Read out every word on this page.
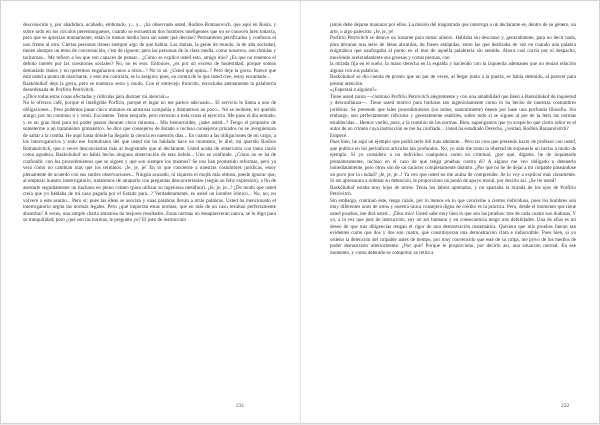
desconocido y, por añadidura, acabado, embotado, y... y... ¿ha observado usted, Rodion Romanovich, que aquí en Rusia, y sobre todo en los círculos petersburgueses, cuando se encuentran dos hombres inteligentes que no se conocen bien todavía, pero que se aprecian mutuamente, están lo menos media hora sin saber qué decirse? Permanecen petrificados y confusos el uno frente al otro. Ciertas personas tienen siempre algo de que hablar. Las damas, la gente de mundo, la de alta sociedad, tienen siempre un tema de conversación, c'est de rigueur; pero las personas de la clase media, como nosotros, son tímidas y taciturnas... Me refiero a los que son capaces de pensar... ¿Cómo se explica usted esto, amigo mío? ¿Es que no tenemos el debido interés por las cuestiones sociales? No, no es esto. Entonces, ¿es por un exceso de honestidad, porque somos demasiado leales y no queremos engañarnos unos a otros...? No lo sé. ¿Usted qué opina...? Pero deje la gorra. Parece que está usted a punto de marcharse, y esto me contraría, se lo aseguro; pues, en contra de lo que usted cree, estoy encantado...

Raskólnikof dejó la gorra, pero se mantuvo serio y mudo. Con el entrecejo fruncido, escuchaba atentamente la palabrería desordenada de Porfirio Petróvitch.

«¡Dice todas estas cosas afectadas y ridículas para distraer mi atención.»

No le ofrezco café, porque el inteligible Porfirio, porque el lugar no me parece adecuado... El servicio le llama a uno de obligaciones... Pero podemos pasar cinco minutos en amistosa compañía y distraernos un poco... No se moleste, mi querido amigo, por mi continuo ir y venir. Excúseme. Temo enojarle, pero necesito a toda costa el ejercicio. Me paso el día sentado, y es un gran bien para mí poder pasear durante cinco minutos... Mis hemorroides, ¿sabe usted...? Tengo el propósito de someterme a un tratamiento gimnástico. Se dice que consejeros de Estado e incluso consejeros privados no se avergüenzan de saltar a la comba. He aquí hasta dónde ha llegado la ciencia en nuestros días... En cuanto a las obligaciones de mi cargo, a los interrogatorios y todo ese formulismo del que usted me ha hablado hace un momento, le diré, mi querido Rodion Romanóvitch, que a veces desconciertan más al magistrado que al declarante. Usted acaba de observarlo con tanta razón como agudeza. Raskolnikof no había hecho ninguna observación de esta índole... Uno se confunde. ¿Cómo no se ha de confundir, con los procedimientos que se siguen y que son siempre los mismos? Se nos han prometido reformas, pero ya verá como no cambian más que los términos. ¡Je, je, je! En lo que concierne a nuestras costumbres jurídicas, estoy plenamente de acuerdo con sus sutiles observaciones... Ningún acusado, ni siquiera el mujik más obtuso, puede ignorar que, al empezar nuestro interrogatorio, trataremos de atraparlo con preguntas desconcertantes (según su feliz expresión), a fin de asestarle seguidamente un hachazo en pleno cráneo (para utilizar su ingeniosa metáfora). ¡Je, je, je...! ¿De modo que usted creía que yo hablaba de mi casa pagada por el Estado para...? Verdaderamente, es usted un hombre irónico... No, no; no volveré a este asunto... Pero sí; pues las ideas se asocian y unas palabras llevan a otras palabras. Usted ha mencionado el interrogatorio según las normas legales. Pero ¿qué importan estas normas, que en más de un caso resultan perfectamente absurdas? A veces, una simple charla amistosa da mejores resultados. Estas normas no desaparecerán nunca, se lo digo para su tranquilidad; pero ¿qué son las normas, le pregunto yo? El juez de instrucción

231

jamás debe dejarse maniatar por ellas. La misión del magistrado que interroga a un declarante es, dentro de su género, un arte, o algo parecido. ¡Je, je, je!

Porfirio Petróvitch se detuvo un instante para tomar aliento. Hablaba sin descanso y, generalmente, para no decir nada, para devanar una serie de ideas absurdas, de frases estúpidas, entre las que deslizaba de vez en cuando una palabra enigmática que naufragaba al punto en el mar de aquella palabrería sin sentido. Ahora casi corría por el despacho, moviendo aceleradamente sus gruesas y cortas piernas, con

la mirada fija en el suelo, la mano derecha en la espalda y haciendo con la izquierda ademanes que no tenían relación alguna con sus palabras.

Raskólnikof se dio cuenta de pronto que un par de veces, al llegar junto a la puerta, se había detenido, al parecer para prestar atención.

«¿Esperará a alguien?»

Tiene usted razón —continuó Porfirio Petróvitch alegremente y con una amabilidad que llenó a Raskólnikof de inquietud y desconfianza—. Tiene usted motivo para burlarse tan ingeniosamente como lo ha hecho de nuestras costumbres jurídicas. Se pretende que tales procedimientos (no todos, naturalmente) tienen por base una profunda filosofía. Sin embargo, son perfectamente ridículos y generalmente estériles, sobre todo si se siguen al pie de la letra las normas establecidas... Hemos vuelto, pues, a la cuestión de las normas. Bien, supongamos que yo sospecho que cierto señor es el autor de un crimen cuya instrucción se me ha confiado... Usted ha estudiado Derecho, ¿verdad, Rodion Romanóvitch?

Empecé.

Pues bien, he aquí un ejemplo que podrá serle útil más adelante... Pero no crea que pretendo hacer de profesor con usted, que publica en los periódicos artículos tan profundos. No; yo sólo me tomo la libertad de exponerle un hecho a modo de ejemplo. Si yo considero a un individuo cualquiera como un criminal, ¿por qué, dígame, he de inquietarle prematuramente, incluso en el caso de que tenga pruebas contra él? A alguno me veo obligado a detenerlo inmediatamente, pero otros son de un carácter completamente distinto. ¿Por qué no he de dejar a mi culpable paseándose un poco por la ciudad? ¡Je, je, je...! Ya veo que usted no me acaba de comprender. Se lo voy a explicar más claramente. Si me apresurara a ordenar su detención, le proporciono un punto de apoyo moral, por decirlo así. ¿Se ríe usted?

Raskólnikof estaba muy lejos de reírse. Tenía los labios apretados, y no apartaba la mirada de los ojos de Porfirio Petróvitch.

Sin embargo, continuó éste, tengo razón, por lo menos en lo que concierne a ciertos individuos, pues los hombres son muy diferentes unos de otros y nuestra única consejera digna de crédito es la práctica. Pero, desde el momento que tiene usted pruebas, me dirá usted... ¡Dios mío! Usted sabe muy bien lo que son las pruebas: tres de cada cuatro son dudosas. Y yo, a la vez que juez de instrucción, soy un ser humano y en consecuencia tengo mis debilidades. Una de ellas es mi deseo de que mis diligencias tengan el rigor de una demostración matemática. Quisiera que mis pruebas fueran tan evidentes como que dos y dos son cuatro, que constituyeran una demostración clara e indiscutible. Pues bien, si yo ordeno la detención del culpable antes de tiempo, por muy convencido que esté de su culpa, me privo de los medios de poder demostrarlo ulteriormente. ¿Por qué? Porque le proporciono, por decirlo así, una situación normal. En ese momento, y como detenido se comporta: se retira a

232
